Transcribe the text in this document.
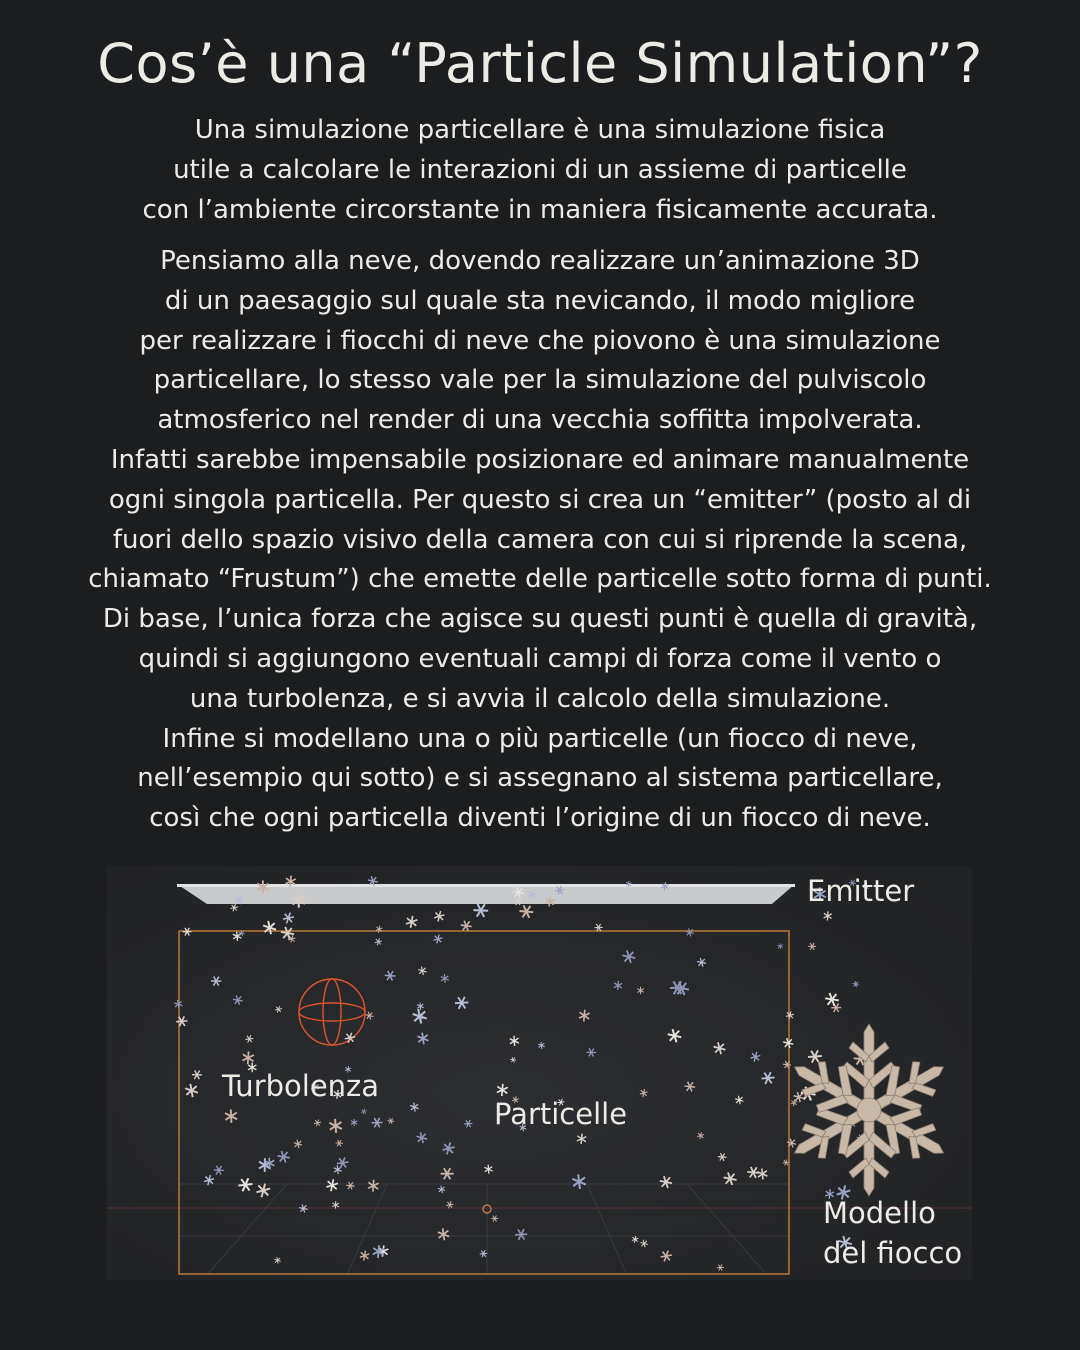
Cos’è una “Particle Simulation”?
Una simulazione particellare è una simulazione fisica
utile a calcolare le interazioni di un assieme di particelle
con l’ambiente circorstante in maniera fisicamente accurata.
Pensiamo alla neve, dovendo realizzare un’animazione 3D
di un paesaggio sul quale sta nevicando, il modo migliore
per realizzare i fiocchi di neve che piovono è una simulazione
particellare, lo stesso vale per la simulazione del pulviscolo
atmosferico nel render di una vecchia soffitta impolverata.
Infatti sarebbe impensabile posizionare ed animare manualmente
ogni singola particella. Per questo si crea un “emitter” (posto al di
fuori dello spazio visivo della camera con cui si riprende la scena,
chiamato “Frustum”) che emette delle particelle sotto forma di punti.
Di base, l’unica forza che agisce su questi punti è quella di gravità,
quindi si aggiungono eventuali campi di forza come il vento o
una turbolenza, e si avvia il calcolo della simulazione.
Infine si modellano una o più particelle (un fiocco di neve,
nell’esempio qui sotto) e si assegnano al sistema particellare,
così che ogni particella diventi l’origine di un fiocco di neve.
Emitter
Turbolenza
Particelle
Modello
del fiocco
